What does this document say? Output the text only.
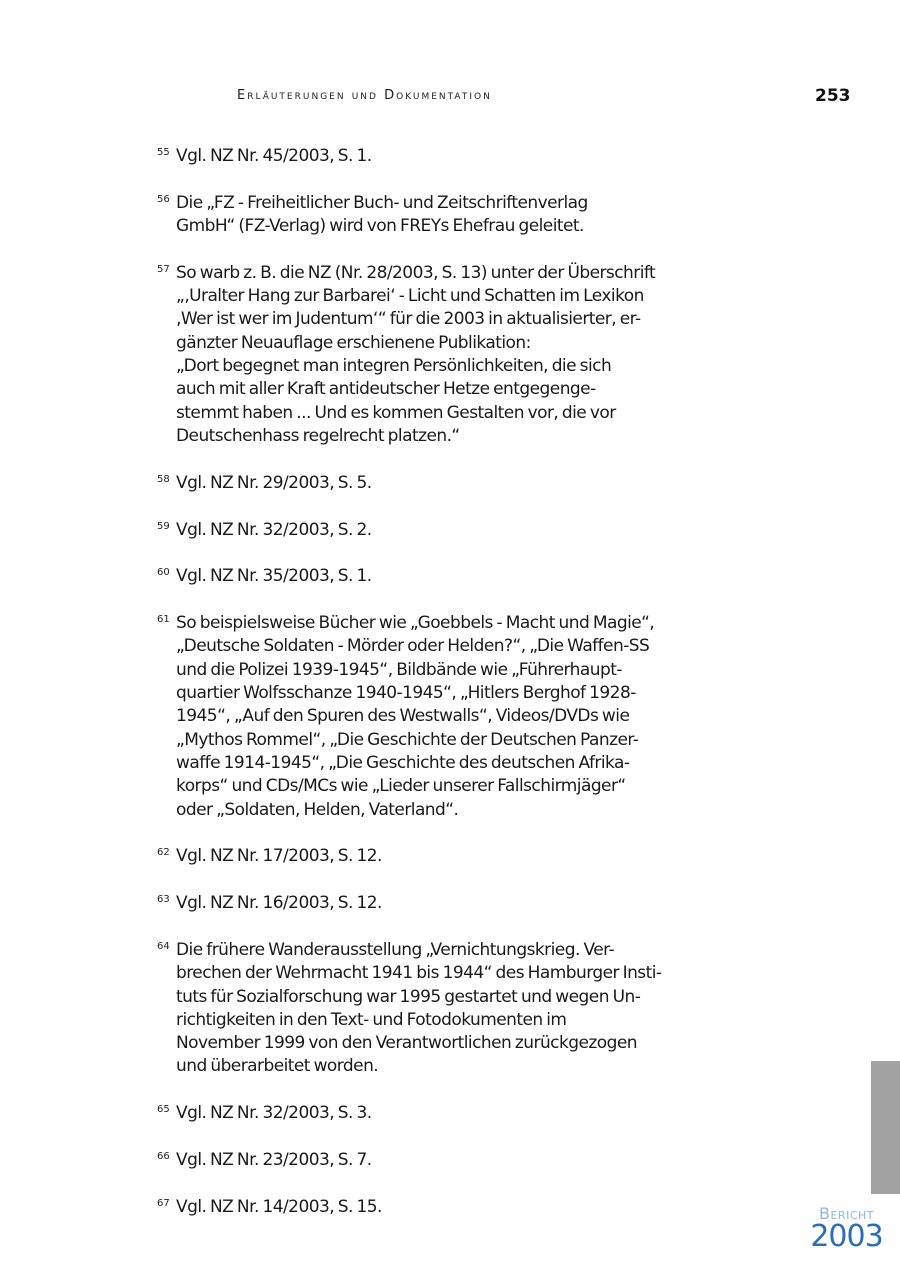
Erläuterungen und Dokumentation	253
55 Vgl. NZ Nr. 45/2003, S. 1.
56 Die „FZ - Freiheitlicher Buch- und Zeitschriftenverlag
GmbH“ (FZ-Verlag) wird von FREYs Ehefrau geleitet.
57 So warb z. B. die NZ (Nr. 28/2003, S. 13) unter der Überschrift
„‚Uralter Hang zur Barbarei‘ - Licht und Schatten im Lexikon
‚Wer ist wer im Judentum‘“ für die 2003 in aktualisierter, er-
gänzter Neuauflage erschienene Publikation:
„Dort begegnet man integren Persönlichkeiten, die sich
auch mit aller Kraft antideutscher Hetze entgegenge-
stemmt haben ... Und es kommen Gestalten vor, die vor
Deutschenhass regelrecht platzen.“
58 Vgl. NZ Nr. 29/2003, S. 5.
59 Vgl. NZ Nr. 32/2003, S. 2.
60 Vgl. NZ Nr. 35/2003, S. 1.
61 So beispielsweise Bücher wie „Goebbels - Macht und Magie“,
„Deutsche Soldaten - Mörder oder Helden?“, „Die Waffen-SS
und die Polizei 1939-1945“, Bildbände wie „Führerhaupt-
quartier Wolfsschanze 1940-1945“, „Hitlers Berghof 1928-
1945“, „Auf den Spuren des Westwalls“, Videos/DVDs wie
„Mythos Rommel“, „Die Geschichte der Deutschen Panzer-
waffe 1914-1945“, „Die Geschichte des deutschen Afrika-
korps“ und CDs/MCs wie „Lieder unserer Fallschirmjäger“
oder „Soldaten, Helden, Vaterland“.
62 Vgl. NZ Nr. 17/2003, S. 12.
63 Vgl. NZ Nr. 16/2003, S. 12.
64 Die frühere Wanderausstellung „Vernichtungskrieg. Ver-
brechen der Wehrmacht 1941 bis 1944“ des Hamburger Insti-
tuts für Sozialforschung war 1995 gestartet und wegen Un-
richtigkeiten in den Text- und Fotodokumenten im
November 1999 von den Verantwortlichen zurückgezogen
und überarbeitet worden.
65 Vgl. NZ Nr. 32/2003, S. 3.
66 Vgl. NZ Nr. 23/2003, S. 7.
67 Vgl. NZ Nr. 14/2003, S. 15.	Bericht
2003
